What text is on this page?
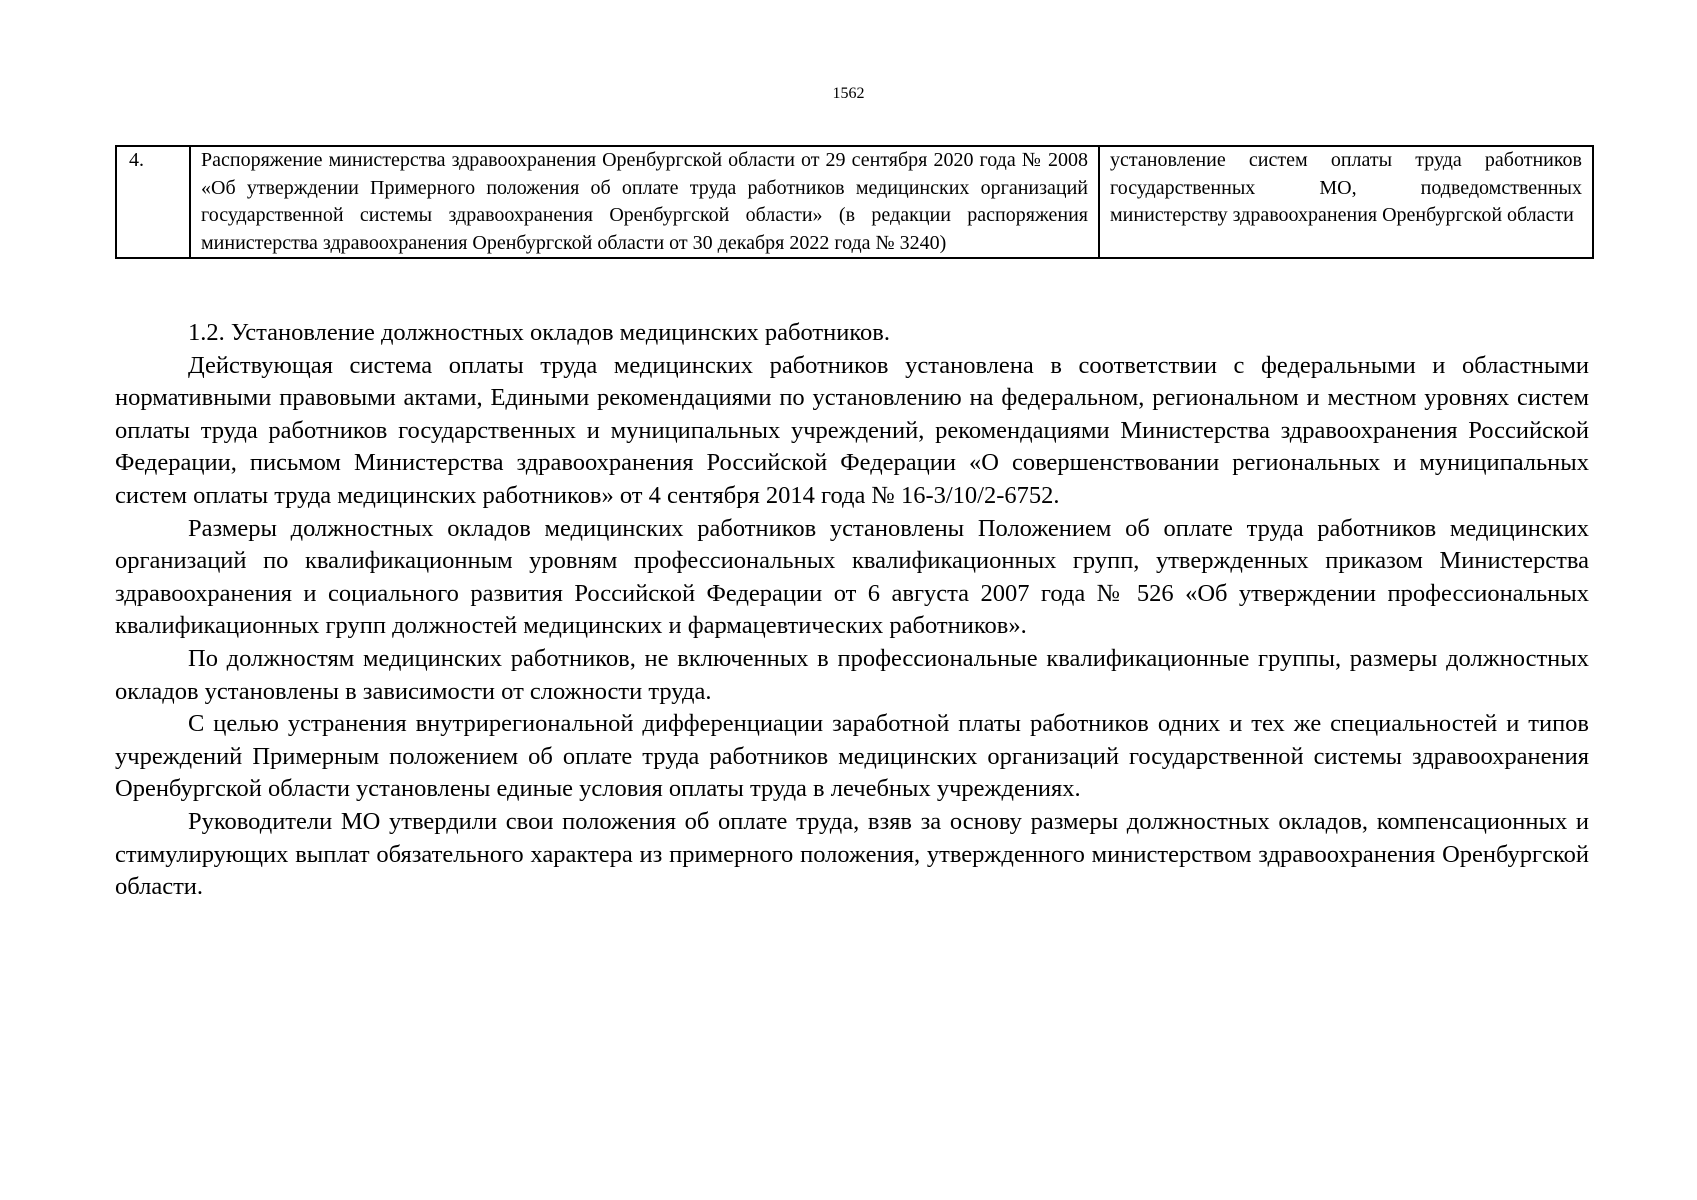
1562
4.	Распоряжение министерства здравоохранения Оренбургской области от 29 сентября 2020 года № 2008 «Об утверждении Примерного положения об оплате труда работников медицинских организаций государственной системы здравоохранения Оренбургской области» (в редакции распоряжения министерства здравоохранения Оренбургской области от 30 декабря 2022 года № 3240)	установление систем оплаты труда работников государственных МО, подведомственных министерству здравоохранения Оренбургской области

1.2. Установление должностных окладов медицинских работников.

Действующая система оплаты труда медицинских работников установлена в соответствии с федеральными и областными нормативными правовыми актами, Едиными рекомендациями по установлению на федеральном, региональном и местном уровнях систем оплаты труда работников государственных и муниципальных учреждений, рекомендациями Министерства здравоохранения Российской Федерации, письмом Министерства здравоохранения Российской Федерации «О совершенствовании региональных и муниципальных систем оплаты труда медицинских работников» от 4 сентября 2014 года № 16-3/10/2-6752.

Размеры должностных окладов медицинских работников установлены Положением об оплате труда работников медицинских организаций по квалификационным уровням профессиональных квалификационных групп, утвержденных приказом Министерства здравоохранения и социального развития Российской Федерации от 6 августа 2007 года № 526 «Об утверждении профессиональных квалификационных групп должностей медицинских и фармацевтических работников».

По должностям медицинских работников, не включенных в профессиональные квалификационные группы, размеры должностных окладов установлены в зависимости от сложности труда.

С целью устранения внутрирегиональной дифференциации заработной платы работников одних и тех же специальностей и типов учреждений Примерным положением об оплате труда работников медицинских организаций государственной системы здравоохранения Оренбургской области установлены единые условия оплаты труда в лечебных учреждениях.

Руководители МО утвердили свои положения об оплате труда, взяв за основу размеры должностных окладов, компенсационных и стимулирующих выплат обязательного характера из примерного положения, утвержденного министерством здравоохранения Оренбургской области.
